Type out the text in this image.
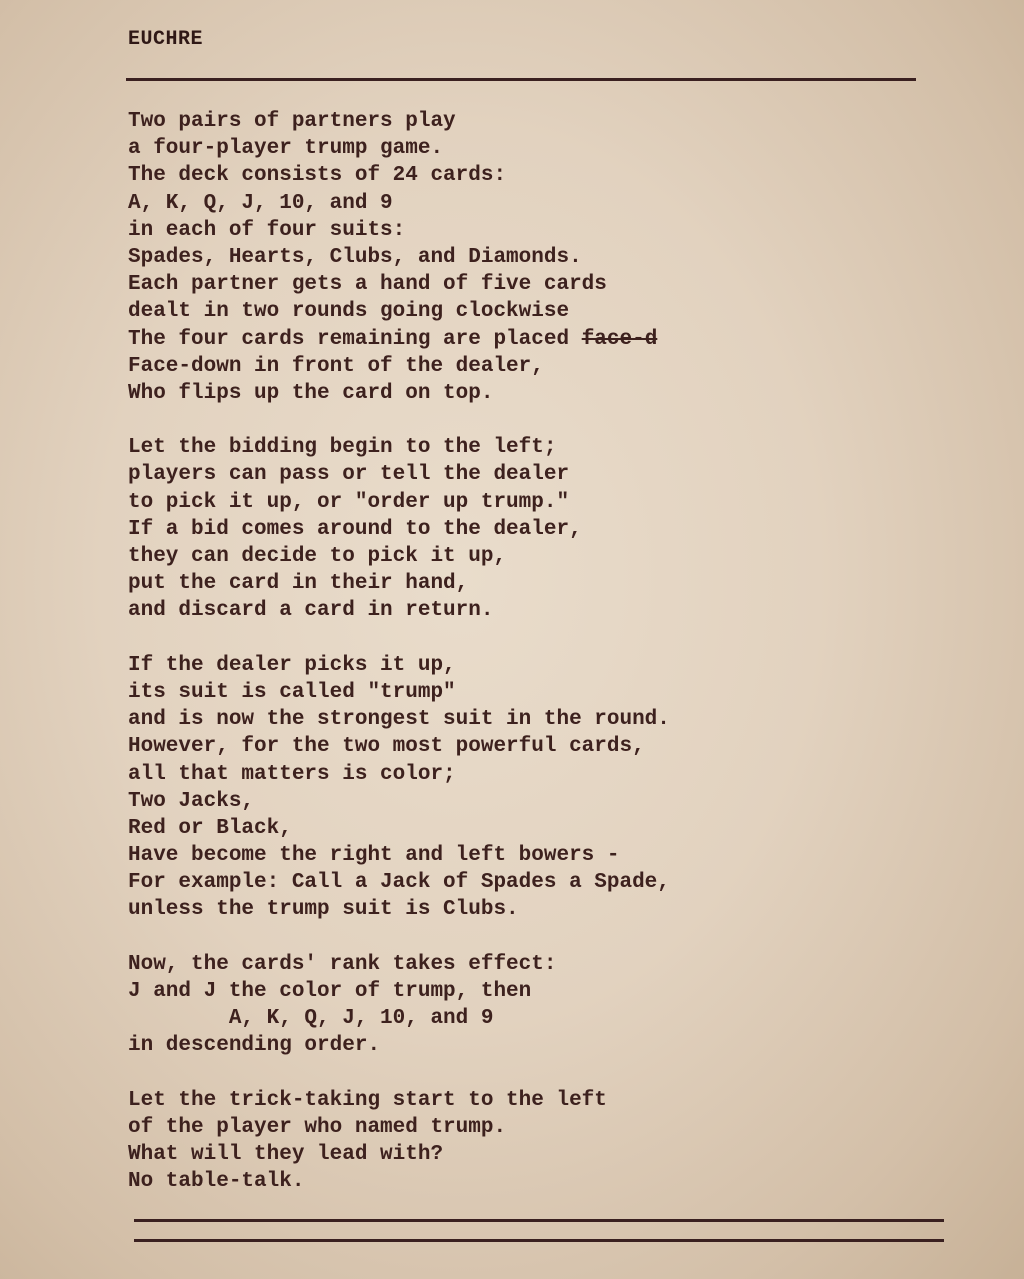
EUCHRE
Two pairs of partners play
a four-player trump game.
The deck consists of 24 cards:
A, K, Q, J, 10, and 9
in each of four suits:
Spades, Hearts, Clubs, and Diamonds.
Each partner gets a hand of five cards
dealt in two rounds going clockwise
The four cards remaining are placed face-d
Face-down in front of the dealer,
Who flips up the card on top.
Let the bidding begin to the left;
players can pass or tell the dealer
to pick it up, or "order up trump."
If a bid comes around to the dealer,
they can decide to pick it up,
put the card in their hand,
and discard a card in return.
If the dealer picks it up,
its suit is called "trump"
and is now the strongest suit in the round.
However, for the two most powerful cards,
all that matters is color;
Two Jacks,
Red or Black,
Have become the right and left bowers -
For example: Call a Jack of Spades a Spade,
unless the trump suit is Clubs.
Now, the cards' rank takes effect:
J and J the color of trump, then
A, K, Q, J, 10, and 9
in descending order.
Let the trick-taking start to the left
of the player who named trump.
What will they lead with?
No table-talk.
